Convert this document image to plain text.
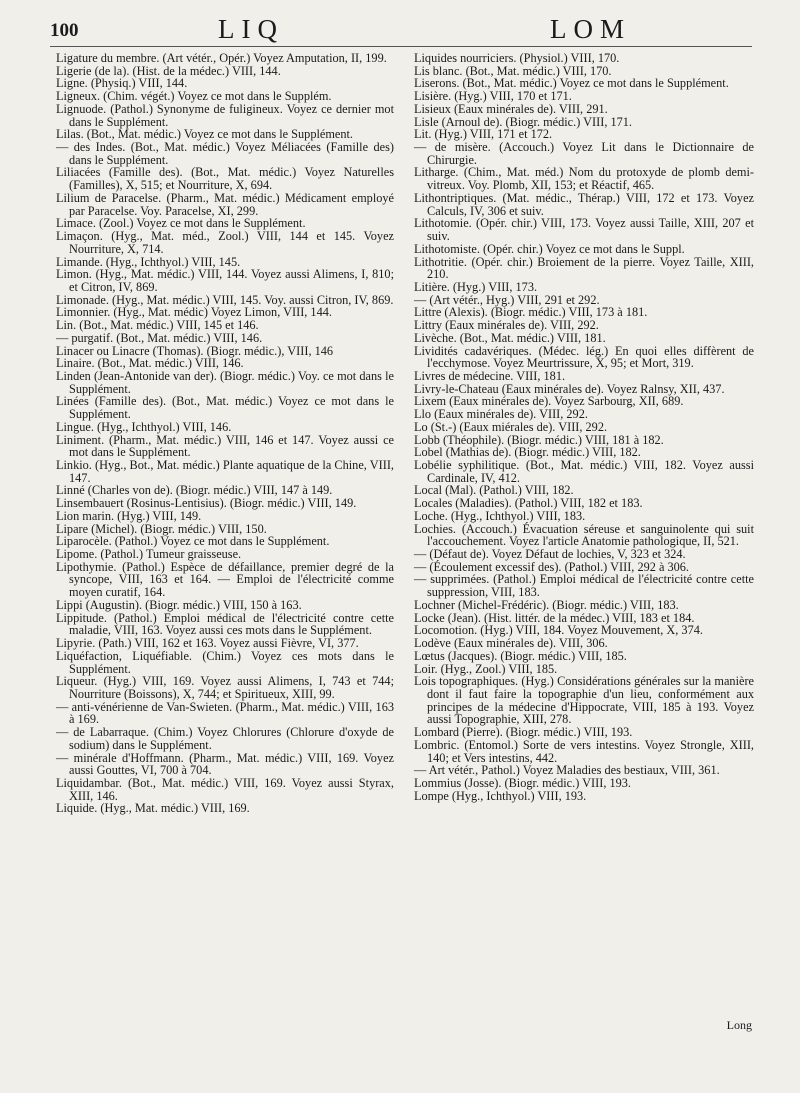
100	LIQ	LOM

Ligature du membre. (Art vétér., Opér.) Voyez Amputation, II, 199.

Ligerie (de la). (Hist. de la médec.) VIII, 144.

Ligne. (Physiq.) VIII, 144.

Ligneux. (Chim. végét.) Voyez ce mot dans le Supplém.

Lignuode. (Pathol.) Synonyme de fuligineux. Voyez ce dernier mot dans le Supplément.

Lilas. (Bot., Mat. médic.) Voyez ce mot dans le Supplément.

— des Indes. (Bot., Mat. médic.) Voyez Méliacées (Famille des) dans le Supplément.

Liliacées (Famille des). (Bot., Mat. médic.) Voyez Naturelles (Familles), X, 515; et Nourriture, X, 694.

Lilium de Paracelse. (Pharm., Mat. médic.) Médicament employé par Paracelse. Voy. Paracelse, XI, 299.

Limace. (Zool.) Voyez ce mot dans le Supplément.

Limaçon. (Hyg., Mat. méd., Zool.) VIII, 144 et 145. Voyez Nourriture, X, 714.

Limande. (Hyg., Ichthyol.) VIII, 145.

Limon. (Hyg., Mat. médic.) VIII, 144. Voyez aussi Alimens, I, 810; et Citron, IV, 869.

Limonade. (Hyg., Mat. médic.) VIII, 145. Voy. aussi Citron, IV, 869.

Limonnier. (Hyg., Mat. médic) Voyez Limon, VIII, 144.

Lin. (Bot., Mat. médic.) VIII, 145 et 146.

— purgatif. (Bot., Mat. médic.) VIII, 146.

Linacer ou Linacre (Thomas). (Biogr. médic.), VIII, 146

Linaire. (Bot., Mat. médic.) VIII, 146.

Linden (Jean-Antonide van der). (Biogr. médic.) Voy. ce mot dans le Supplément.

Linées (Famille des). (Bot., Mat. médic.) Voyez ce mot dans le Supplément.

Lingue. (Hyg., Ichthyol.) VIII, 146.

Liniment. (Pharm., Mat. médic.) VIII, 146 et 147. Voyez aussi ce mot dans le Supplément.

Linkio. (Hyg., Bot., Mat. médic.) Plante aquatique de la Chine, VIII, 147.

Linné (Charles von de). (Biogr. médic.) VIII, 147 à 149.

Linsembauert (Rosinus-Lentisius). (Biogr. médic.) VIII, 149.

Lion marin. (Hyg.) VIII, 149.

Lipare (Michel). (Biogr. médic.) VIII, 150.

Liparocèle. (Pathol.) Voyez ce mot dans le Supplément.

Lipome. (Pathol.) Tumeur graisseuse.

Lipothymie. (Pathol.) Espèce de défaillance, premier degré de la syncope, VIII, 163 et 164. — Emploi de l'électricité comme moyen curatif, 164.

Lippi (Augustin). (Biogr. médic.) VIII, 150 à 163.

Lippitude. (Pathol.) Emploi médical de l'électricité contre cette maladie, VIII, 163. Voyez aussi ces mots dans le Supplément.

Lipyrie. (Path.) VIII, 162 et 163. Voyez aussi Fièvre, VI, 377.

Liquéfaction, Liquéfiable. (Chim.) Voyez ces mots dans le Supplément.

Liqueur. (Hyg.) VIII, 169. Voyez aussi Alimens, I, 743 et 744; Nourriture (Boissons), X, 744; et Spiritueux, XIII, 99.

— anti-vénérienne de Van-Swieten. (Pharm., Mat. médic.) VIII, 163 à 169.

— de Labarraque. (Chim.) Voyez Chlorures (Chlorure d'oxyde de sodium) dans le Supplément.

— minérale d'Hoffmann. (Pharm., Mat. médic.) VIII, 169. Voyez aussi Gouttes, VI, 700 à 704.

Liquidambar. (Bot., Mat. médic.) VIII, 169. Voyez aussi Styrax, XIII, 146.

Liquide. (Hyg., Mat. médic.) VIII, 169.

Liquides nourriciers. (Physiol.) VIII, 170.

Lis blanc. (Bot., Mat. médic.) VIII, 170.

Liserons. (Bot., Mat. médic.) Voyez ce mot dans le Supplément.

Lisière. (Hyg.) VIII, 170 et 171.

Lisieux (Eaux minérales de). VIII, 291.

Lisle (Arnoul de). (Biogr. médic.) VIII, 171.

Lit. (Hyg.) VIII, 171 et 172.

— de misère. (Accouch.) Voyez Lit dans le Dictionnaire de Chirurgie.

Litharge. (Chim., Mat. méd.) Nom du protoxyde de plomb demi-vitreux. Voy. Plomb, XII, 153; et Réactif, 465.

Lithontriptiques. (Mat. médic., Thérap.) VIII, 172 et 173. Voyez Calculs, IV, 306 et suiv.

Lithotomie. (Opér. chir.) VIII, 173. Voyez aussi Taille, XIII, 207 et suiv.

Lithotomiste. (Opér. chir.) Voyez ce mot dans le Suppl.

Lithotritie. (Opér. chir.) Broiement de la pierre. Voyez Taille, XIII, 210.

Litière. (Hyg.) VIII, 173.

— (Art vétér., Hyg.) VIII, 291 et 292.

Littre (Alexis). (Biogr. médic.) VIII, 173 à 181.

Littry (Eaux minérales de). VIII, 292.

Livèche. (Bot., Mat. médic.) VIII, 181.

Lividités cadavériques. (Médec. lég.) En quoi elles diffèrent de l'ecchymose. Voyez Meurtrissure, X, 95; et Mort, 319.

Livres de médecine. VIII, 181.

Livry-le-Chateau (Eaux minérales de). Voyez Ralnsy, XII, 437.

Lixem (Eaux minérales de). Voyez Sarbourg, XII, 689.

Llo (Eaux minérales de). VIII, 292.

Lo (St.-) (Eaux miérales de). VIII, 292.

Lobb (Théophile). (Biogr. médic.) VIII, 181 à 182.

Lobel (Mathias de). (Biogr. médic.) VIII, 182.

Lobélie syphilitique. (Bot., Mat. médic.) VIII, 182. Voyez aussi Cardinale, IV, 412.

Local (Mal). (Pathol.) VIII, 182.

Locales (Maladies). (Pathol.) VIII, 182 et 183.

Loche. (Hyg., Ichthyol.) VIII, 183.

Lochies. (Accouch.) Évacuation séreuse et sanguinolente qui suit l'accouchement. Voyez l'article Anatomie pathologique, II, 521.

— (Défaut de). Voyez Défaut de lochies, V, 323 et 324.

— (Écoulement excessif des). (Pathol.) VIII, 292 à 306.

— supprimées. (Pathol.) Emploi médical de l'électricité contre cette suppression, VIII, 183.

Lochner (Michel-Frédéric). (Biogr. médic.) VIII, 183.

Locke (Jean). (Hist. littér. de la médec.) VIII, 183 et 184.

Locomotion. (Hyg.) VIII, 184. Voyez Mouvement, X, 374.

Lodève (Eaux minérales de). VIII, 306.

Lœtus (Jacques). (Biogr. médic.) VIII, 185.

Loir. (Hyg., Zool.) VIII, 185.

Lois topographiques. (Hyg.) Considérations générales sur la manière dont il faut faire la topographie d'un lieu, conformément aux principes de la médecine d'Hippocrate, VIII, 185 à 193. Voyez aussi Topographie, XIII, 278.

Lombard (Pierre). (Biogr. médic.) VIII, 193.

Lombric. (Entomol.) Sorte de vers intestins. Voyez Strongle, XIII, 140; et Vers intestins, 442.

— Art vétér., Pathol.) Voyez Maladies des bestiaux, VIII, 361.

Lommius (Josse). (Biogr. médic.) VIII, 193.

Lompe (Hyg., Ichthyol.) VIII, 193.

Long
